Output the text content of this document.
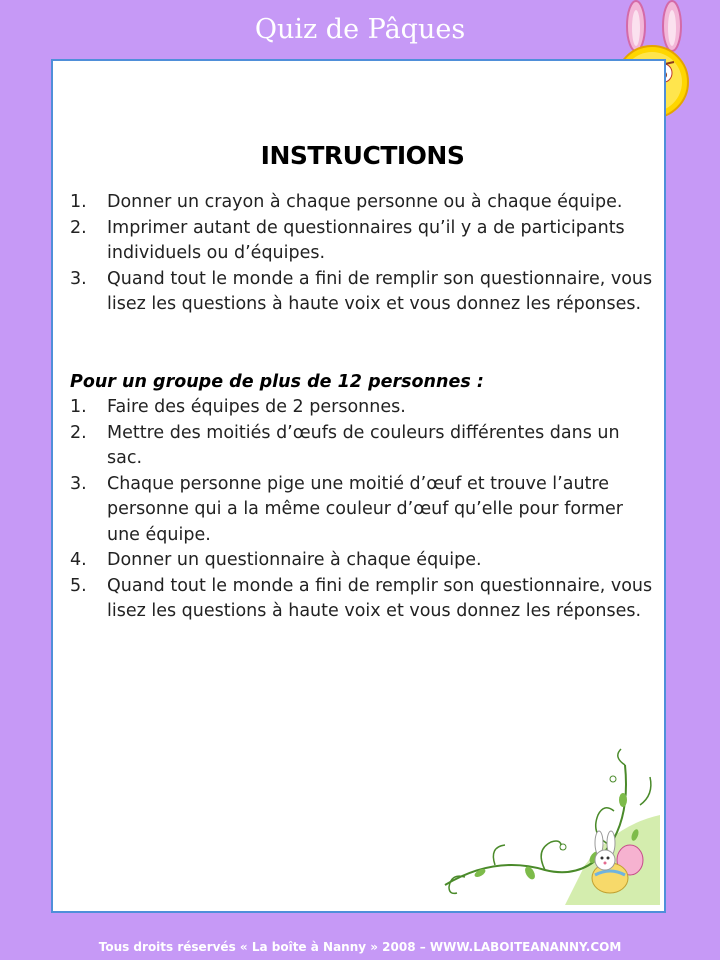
Quiz de Pâques
INSTRUCTIONS
1. Donner un crayon à chaque personne ou à chaque équipe.
2. Imprimer autant de questionnaires qu’il y a de participants individuels ou d’équipes.
3. Quand tout le monde a fini de remplir son questionnaire, vous lisez les questions à haute voix et vous donnez les réponses.
Pour un groupe de plus de 12 personnes :
1. Faire des équipes de 2 personnes.
2. Mettre des moitiés d’œufs de couleurs différentes dans un sac.
3. Chaque personne pige une moitié d’œuf et trouve l’autre personne qui a la même couleur d’œuf qu’elle pour former une équipe.
4. Donner un questionnaire à chaque équipe.
5. Quand tout le monde a fini de remplir son questionnaire, vous lisez les questions à haute voix et vous donnez les réponses.
Tous droits réservés « La boîte à Nanny » 2008 – WWW.LABOITEANANNY.COM
